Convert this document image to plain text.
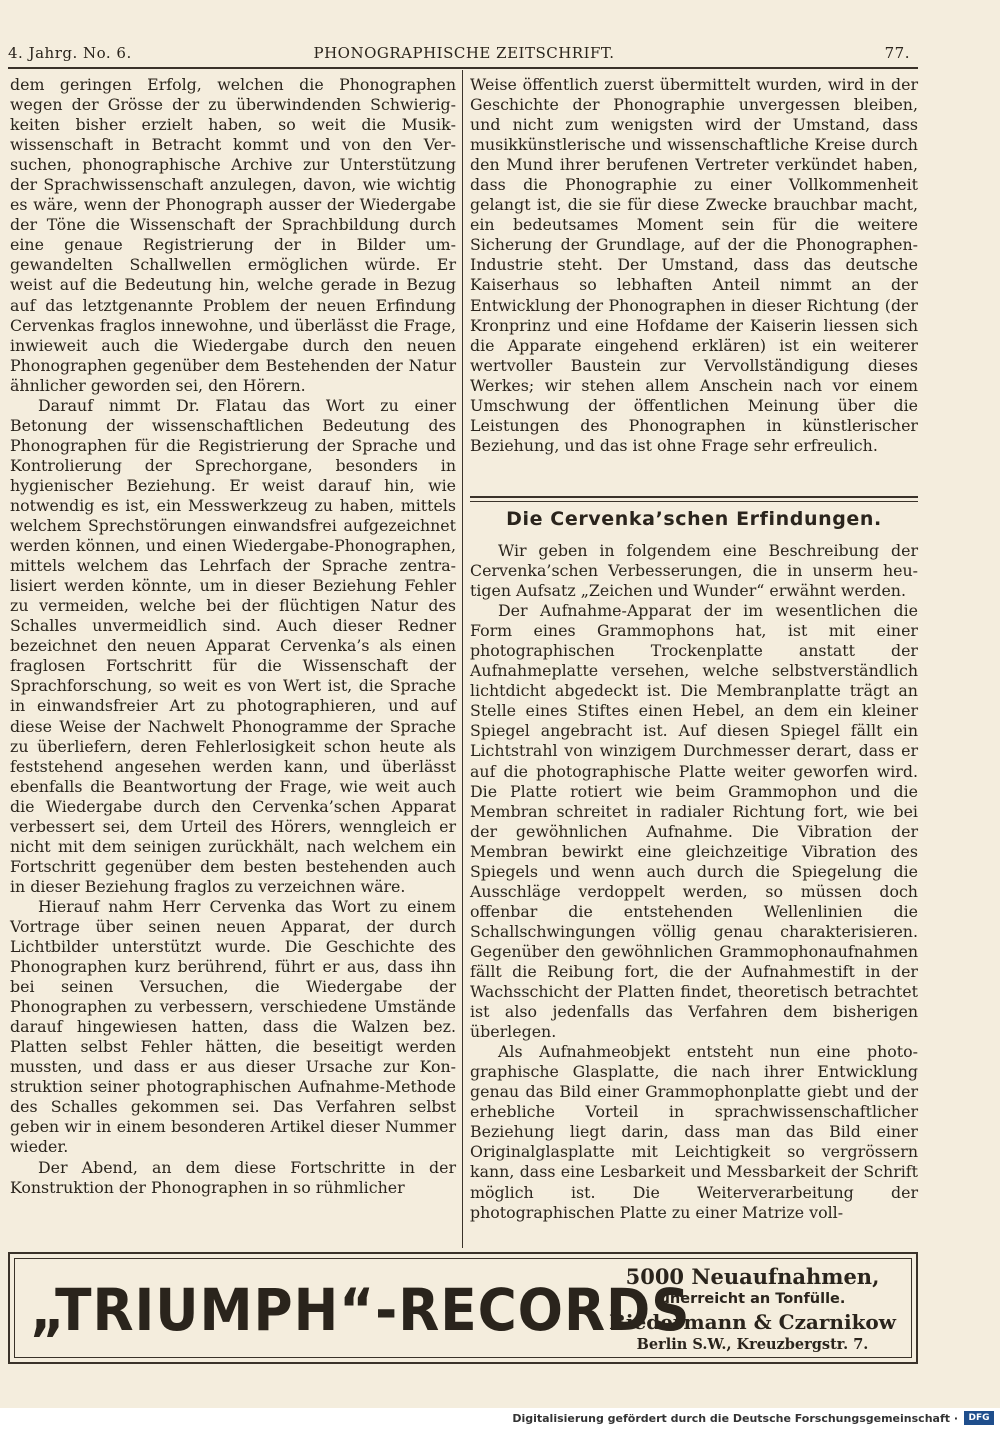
4. Jahrg. No. 6.	PHONOGRAPHISCHE ZEITSCHRIFT.	77.

dem geringen Erfolg, welchen die Phonographen wegen der Grösse der zu überwindenden Schwierigkeiten bisher erzielt haben, so weit die Musikwissenschaft in Betracht kommt und von den Versuchen, phonographische Archive zur Unterstützung der Sprachwissenschaft anzulegen, davon, wie wichtig es wäre, wenn der Phonograph ausser der Wiedergabe der Töne die Wissenschaft der Sprachbildung durch eine genaue Registrierung der in Bilder umgewandelten Schallwellen ermöglichen würde. Er weist auf die Bedeutung hin, welche gerade in Bezug auf das letztgenannte Problem der neuen Erfindung Cervenkas fraglos innewohne, und überlässt die Frage, inwieweit auch die Wiedergabe durch den neuen Phonographen gegenüber dem Bestehenden der Natur ähnlicher geworden sei, den Hörern.

Darauf nimmt Dr. Flatau das Wort zu einer Betonung der wissenschaftlichen Bedeutung des Phonographen für die Registrierung der Sprache und Kontrolierung der Sprechorgane, besonders in hygienischer Beziehung. Er weist darauf hin, wie notwendig es ist, ein Messwerkzeug zu haben, mittels welchem Sprechstörungen einwandsfrei aufgezeichnet werden können, und einen Wiedergabe-Phonographen, mittels welchem das Lehrfach der Sprache zentralisiert werden könnte, um in dieser Beziehung Fehler zu vermeiden, welche bei der flüchtigen Natur des Schalles unvermeidlich sind. Auch dieser Redner bezeichnet den neuen Apparat Cervenka’s als einen fraglosen Fortschritt für die Wissenschaft der Sprachforschung, so weit es von Wert ist, die Sprache in einwandsfreier Art zu photographieren, und auf diese Weise der Nachwelt Phonogramme der Sprache zu überliefern, deren Fehlerlosigkeit schon heute als feststehend angesehen werden kann, und überlässt ebenfalls die Beantwortung der Frage, wie weit auch die Wiedergabe durch den Cervenka’schen Apparat verbessert sei, dem Urteil des Hörers, wenngleich er nicht mit dem seinigen zurückhält, nach welchem ein Fortschritt gegenüber dem besten bestehenden auch in dieser Beziehung fraglos zu verzeichnen wäre.

Hierauf nahm Herr Cervenka das Wort zu einem Vortrage über seinen neuen Apparat, der durch Lichtbilder unterstützt wurde. Die Geschichte des Phonographen kurz berührend, führt er aus, dass ihn bei seinen Versuchen, die Wiedergabe der Phonographen zu verbessern, verschiedene Umstände darauf hingewiesen hatten, dass die Walzen bez. Platten selbst Fehler hätten, die beseitigt werden mussten, und dass er aus dieser Ursache zur Konstruktion seiner photographischen Aufnahme-Methode des Schalles gekommen sei. Das Verfahren selbst geben wir in einem besonderen Artikel dieser Nummer wieder.

Der Abend, an dem diese Fortschritte in der Konstruktion der Phonographen in so rühmlicher

Weise öffentlich zuerst übermittelt wurden, wird in der Geschichte der Phonographie unvergessen bleiben, und nicht zum wenigsten wird der Umstand, dass musikkünstlerische und wissenschaftliche Kreise durch den Mund ihrer berufenen Vertreter verkündet haben, dass die Phonographie zu einer Vollkommenheit gelangt ist, die sie für diese Zwecke brauchbar macht, ein bedeutsames Moment sein für die weitere Sicherung der Grundlage, auf der die Phonographen-Industrie steht. Der Umstand, dass das deutsche Kaiserhaus so lebhaften Anteil nimmt an der Entwicklung der Phonographen in dieser Richtung (der Kronprinz und eine Hofdame der Kaiserin liessen sich die Apparate eingehend erklären) ist ein weiterer wertvoller Baustein zur Vervollständigung dieses Werkes; wir stehen allem Anschein nach vor einem Umschwung der öffentlichen Meinung über die Leistungen des Phonographen in künstlerischer Beziehung, und das ist ohne Frage sehr erfreulich.

Die Cervenka’schen Erfindungen.

Wir geben in folgendem eine Beschreibung der Cervenka’schen Verbesserungen, die in unserm heutigen Aufsatz „Zeichen und Wunder“ erwähnt werden.

Der Aufnahme-Apparat der im wesentlichen die Form eines Grammophons hat, ist mit einer photographischen Trockenplatte anstatt der Aufnahmeplatte versehen, welche selbstverständlich lichtdicht abgedeckt ist. Die Membranplatte trägt an Stelle eines Stiftes einen Hebel, an dem ein kleiner Spiegel angebracht ist. Auf diesen Spiegel fällt ein Lichtstrahl von winzigem Durchmesser derart, dass er auf die photographische Platte weiter geworfen wird. Die Platte rotiert wie beim Grammophon und die Membran schreitet in radialer Richtung fort, wie bei der gewöhnlichen Aufnahme. Die Vibration der Membran bewirkt eine gleichzeitige Vibration des Spiegels und wenn auch durch die Spiegelung die Ausschläge verdoppelt werden, so müssen doch offenbar die entstehenden Wellenlinien die Schallschwingungen völlig genau charakterisieren. Gegenüber den gewöhnlichen Grammophonaufnahmen fällt die Reibung fort, die der Aufnahmestift in der Wachsschicht der Platten findet, theoretisch betrachtet ist also jedenfalls das Verfahren dem bisherigen überlegen.

Als Aufnahmeobjekt entsteht nun eine photographische Glasplatte, die nach ihrer Entwicklung genau das Bild einer Grammophonplatte giebt und der erhebliche Vorteil in sprachwissenschaftlicher Beziehung liegt darin, dass man das Bild einer Originalglasplatte mit Leichtigkeit so vergrössern kann, dass eine Lesbarkeit und Messbarkeit der Schrift möglich ist. Die Weiterverarbeitung der photographischen Platte zu einer Matrize voll-

„TRIUMPH“-RECORDS
5000 Neuaufnahmen,
unerreicht an Tonfülle.
Biedermann & Czarnikow
Berlin S.W., Kreuzbergstr. 7.
Digitalisierung gefördert durch die Deutsche Forschungsgemeinschaft ·	DFG
